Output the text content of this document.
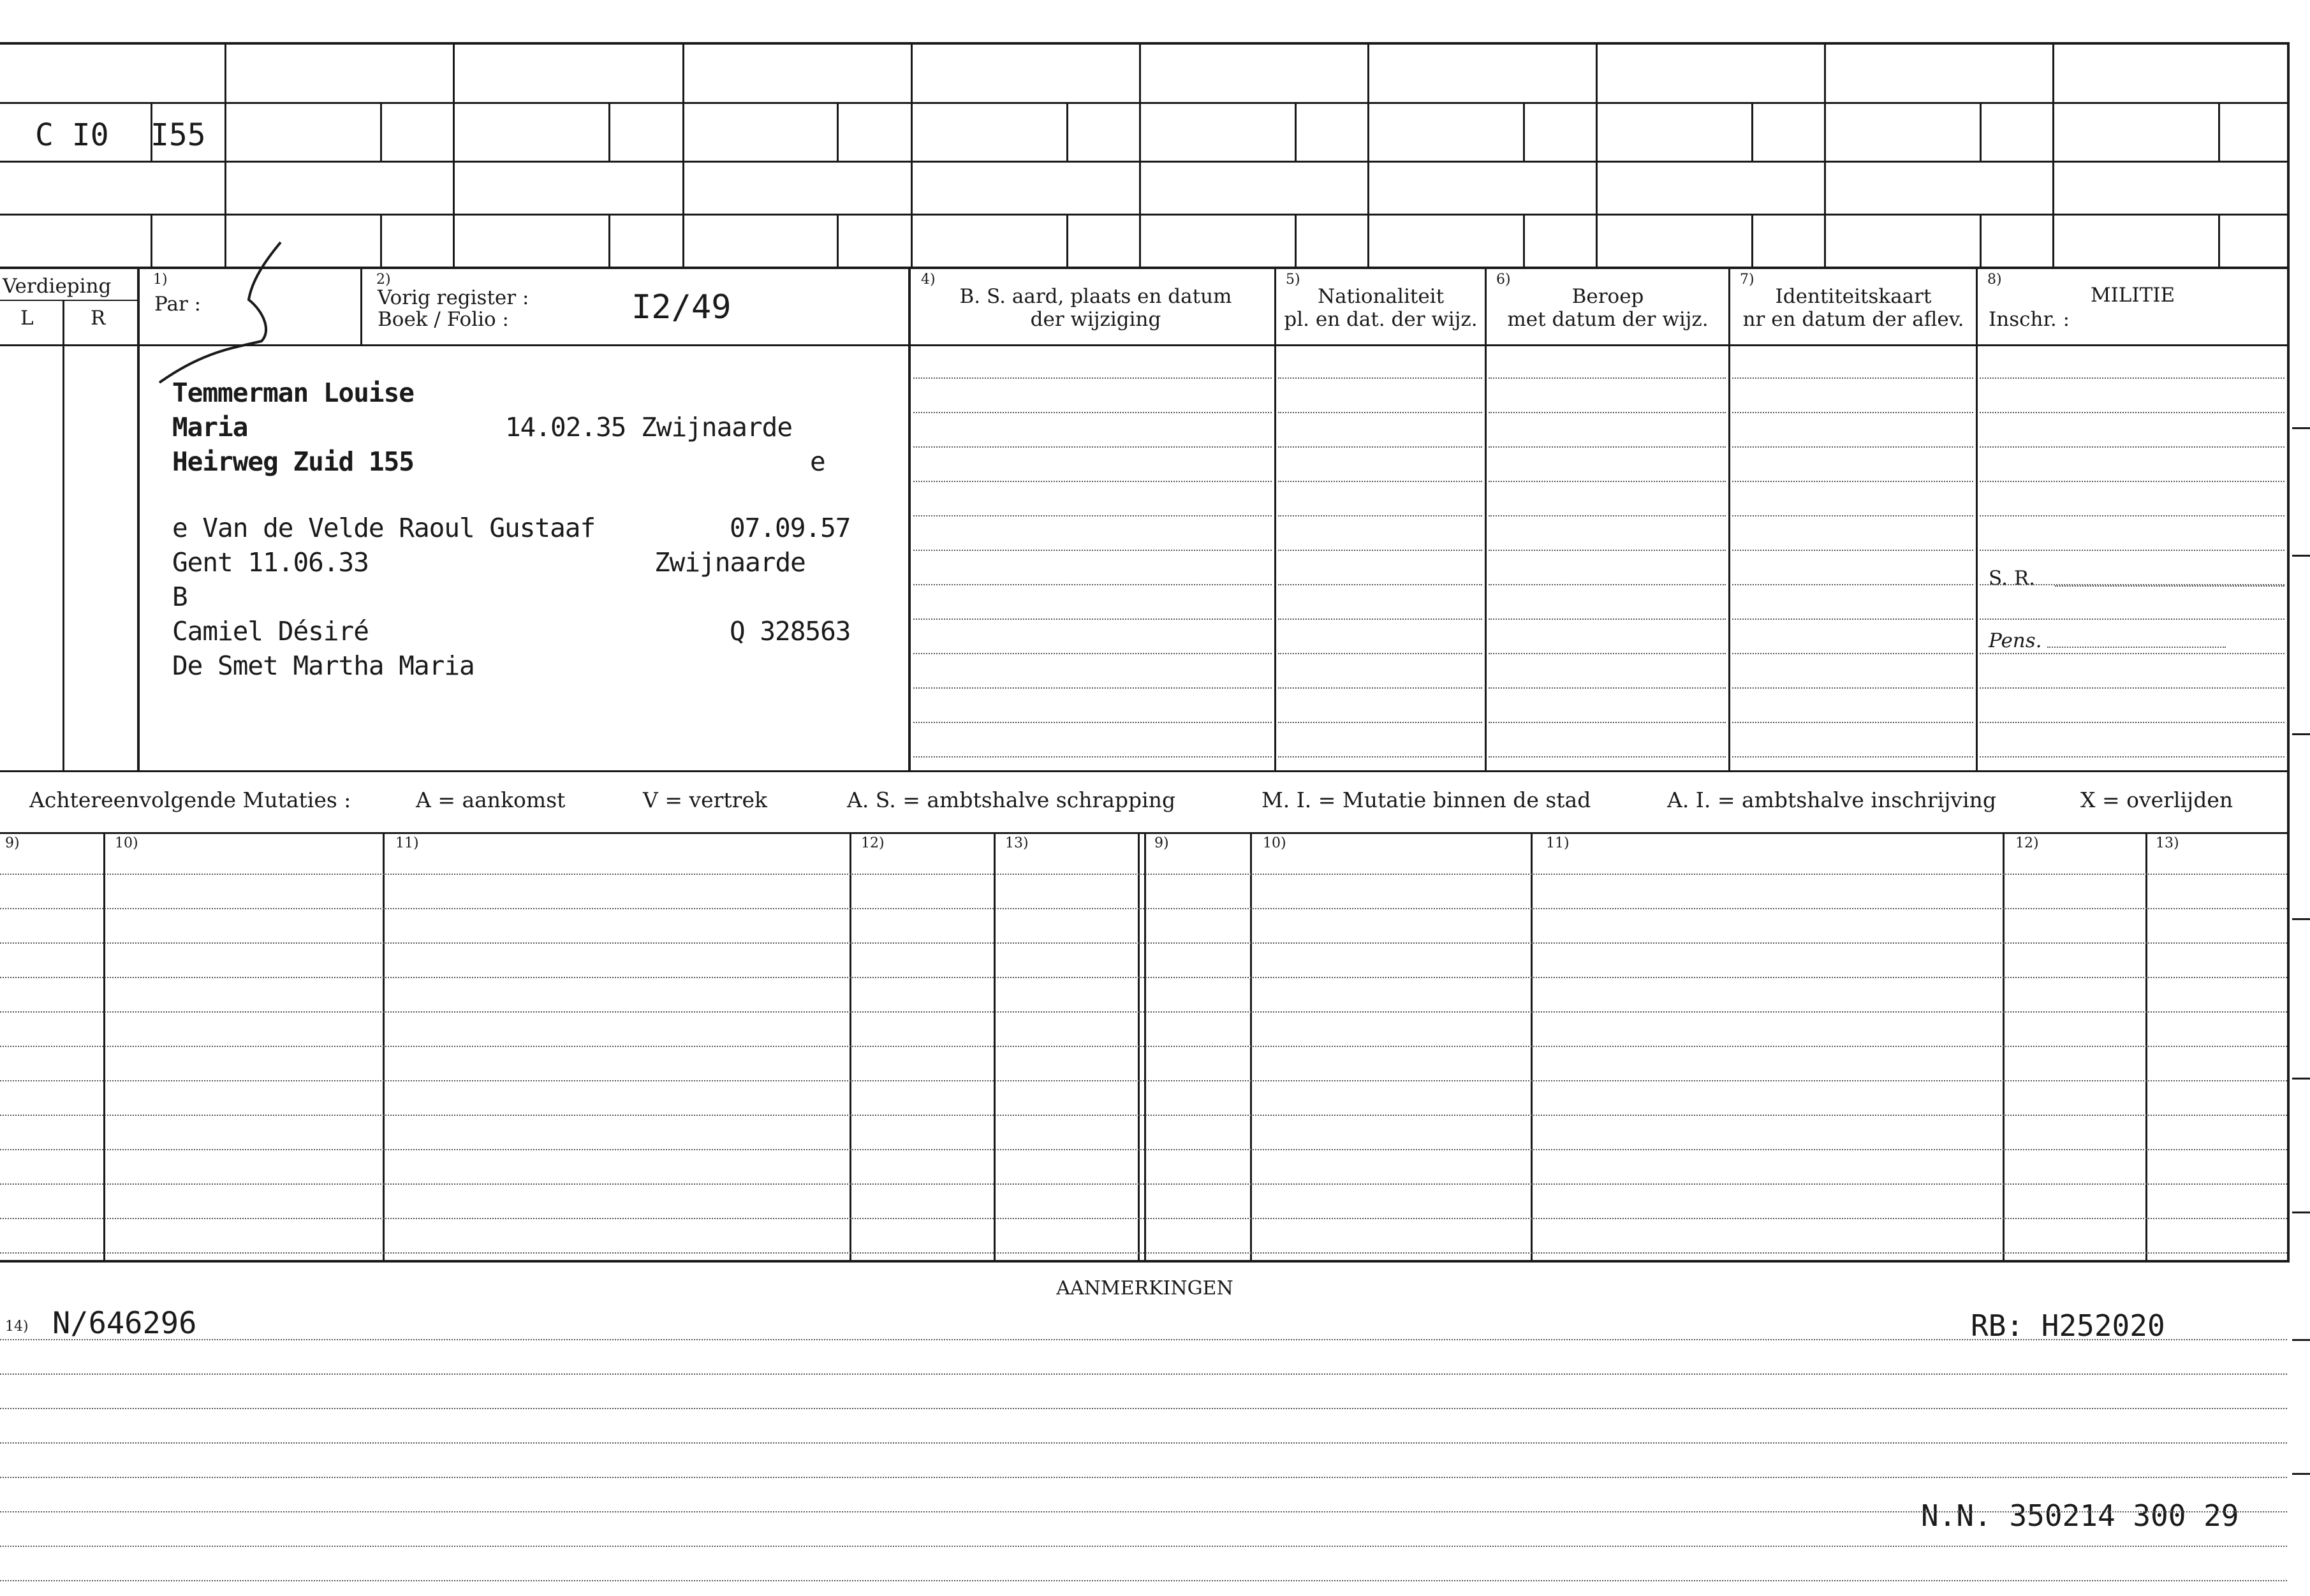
C I0 I55
Verdieping
L	R
1)
Par :
2)
Vorig register :
Boek / Folio :	I2/49
4)
B. S. aard, plaats en datum
der wijziging
5)
Nationaliteit
pl. en dat. der wijz.
6)
Beroep
met datum der wijz.
7)
Identiteitskaart
nr en datum der aflev.
8)
MILITIE
Inschr. :
S. R.
Pens.
Temmerman Louise
Maria	14.02.35 Zwijnaarde
Heirweg Zuid 155	e
e Van de Velde Raoul Gustaaf	07.09.57
Gent 11.06.33	Zwijnaarde
B
Camiel Désiré	Q 328563
De Smet Martha Maria
Achtereenvolgende Mutaties :	A = aankomst	V = vertrek	A. S. = ambtshalve schrapping	M. I. = Mutatie binnen de stad	A. I. = ambtshalve inschrijving	X = overlijden
9)	10)	11)	12)	13)	9)	10)	11)	12)	13)
AANMERKINGEN
14) N/646296	RB: H252020
N.N. 350214 300 29
